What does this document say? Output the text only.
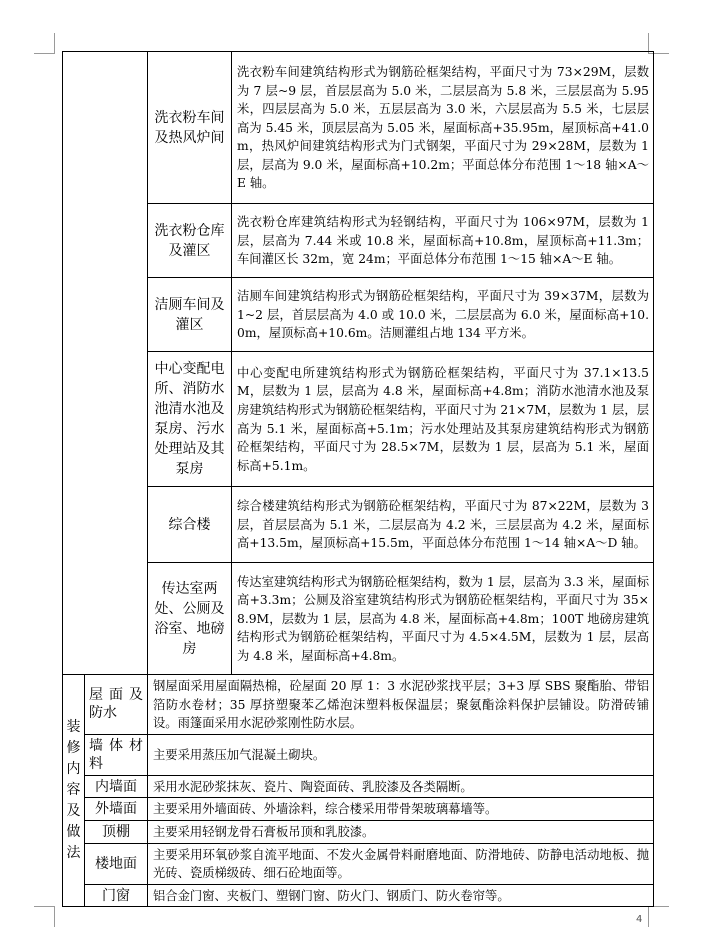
		洗衣粉车间及热风炉间	洗衣粉车间建筑结构形式为钢筋砼框架结构，平面尺寸为 73×29M，层数为 7 层~9 层，首层层高为 5.0 米，二层层高为 5.8 米，三层层高为 5.95 米，四层层高为 5.0 米，五层层高为 3.0 米，六层层高为 5.5 米，七层层高为 5.45 米，顶层层高为 5.05 米，屋面标高+35.95m，屋顶标高+41.0m，热风炉间建筑结构形式为门式钢架，平面尺寸为 29×28M，层数为 1 层，层高为 9.0 米，屋面标高+10.2m；平面总体分布范围 1～18 轴×A～E 轴。
		洗衣粉仓库及灌区	洗衣粉仓库建筑结构形式为轻钢结构，平面尺寸为 106×97M，层数为 1 层，层高为 7.44 米或 10.8 米，屋面标高+10.8m，屋顶标高+11.3m；车间灌区长 32m，宽 24m；平面总体分布范围 1～15 轴×A～E 轴。
		洁厕车间及灌区	洁厕车间建筑结构形式为钢筋砼框架结构，平面尺寸为 39×37M，层数为 1~2 层，首层层高为 4.0 或 10.0 米，二层层高为 6.0 米，屋面标高+10.0m，屋顶标高+10.6m。洁厕灌组占地 134 平方米。
		中心变配电所、消防水池清水池及泵房、污水处理站及其泵房	中心变配电所建筑结构形式为钢筋砼框架结构，平面尺寸为 37.1×13.5M，层数为 1 层，层高为 4.8 米，屋面标高+4.8m；消防水池清水池及泵房建筑结构形式为钢筋砼框架结构，平面尺寸为 21×7M，层数为 1 层，层高为 5.1 米，屋面标高+5.1m；污水处理站及其泵房建筑结构形式为钢筋砼框架结构，平面尺寸为 28.5×7M，层数为 1 层，层高为 5.1 米，屋面标高+5.1m。
		综合楼	综合楼建筑结构形式为钢筋砼框架结构，平面尺寸为 87×22M，层数为 3 层，首层层高为 5.1 米，二层层高为 4.2 米，三层层高为 4.2 米，屋面标高+13.5m，屋顶标高+15.5m，平面总体分布范围 1～14 轴×A～D 轴。
		传达室两处、公厕及浴室、地磅房	传达室建筑结构形式为钢筋砼框架结构，数为 1 层，层高为 3.3 米，屋面标高+3.3m；公厕及浴室建筑结构形式为钢筋砼框架结构，平面尺寸为 35×8.9M，层数为 1 层，层高为 4.8 米，屋面标高+4.8m；100T 地磅房建筑结构形式为钢筋砼框架结构，平面尺寸为 4.5×4.5M，层数为 1 层，层高为 4.8 米，屋面标高+4.8m。
装修内容及做法	屋面及防水	钢屋面采用屋面隔热棉，砼屋面 20 厚 1：3 水泥砂浆找平层；3+3 厚 SBS 聚酯胎、带铝箔防水卷材；35 厚挤塑聚苯乙烯泡沫塑料板保温层；聚氨酯涂料保护层铺设。防滑砖铺设。雨篷面采用水泥砂浆刚性防水层。	
	墙体材料	主要采用蒸压加气混凝土砌块。	
	内墙面	采用水泥砂浆抹灰、瓷片、陶瓷面砖、乳胶漆及各类隔断。	
	外墙面	主要采用外墙面砖、外墙涂料，综合楼采用带骨架玻璃幕墙等。	
	顶棚	主要采用轻钢龙骨石膏板吊顶和乳胶漆。	
	楼地面	主要采用环氧砂浆自流平地面、不发火金属骨料耐磨地面、防滑地砖、防静电活动地板、抛光砖、瓷质梯级砖、细石砼地面等。	
	门窗	铝合金门窗、夹板门、塑钢门窗、防火门、钢质门、防火卷帘等。	
4
